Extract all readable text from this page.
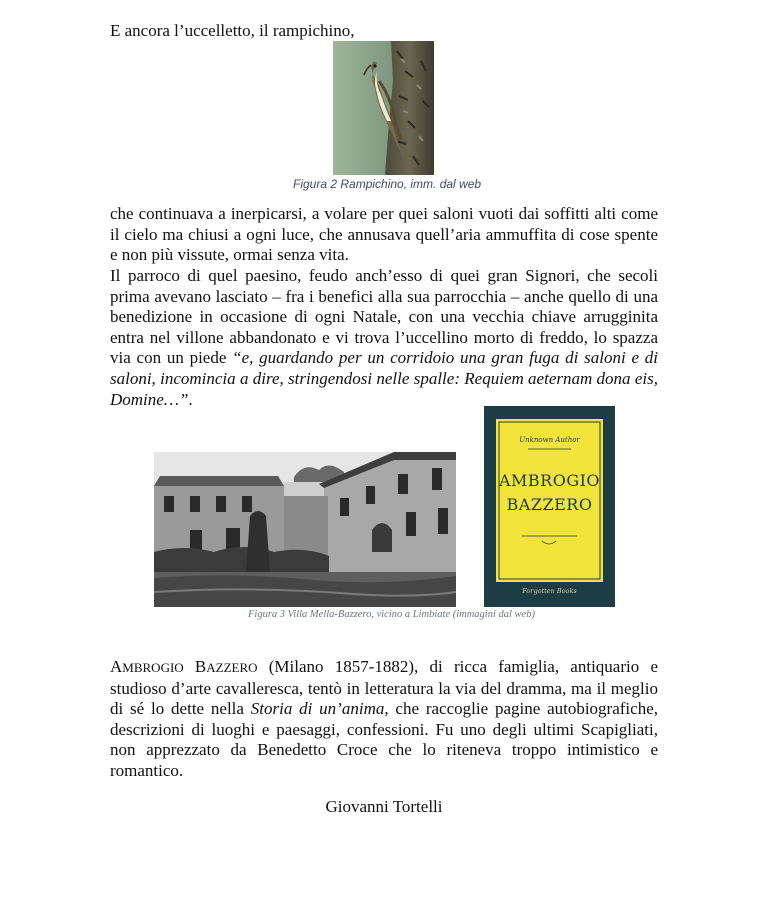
E ancora l’uccelletto, il rampichino,
Figura 2 Rampichino, imm. dal web
che continuava a inerpicarsi, a volare per quei saloni vuoti dai soffitti alti come il cielo ma chiusi a ogni luce, che annusava quell’aria ammuffita di cose spente e non più vissute, ormai senza vita.
Il parroco di quel paesino, feudo anch’esso di quei gran Signori, che secoli prima avevano lasciato – fra i benefici alla sua parrocchia – anche quello di una benedizione in occasione di ogni Natale, con una vecchia chiave arrugginita entra nel villone abbandonato e vi trova l’uccellino morto di freddo, lo spazza via con un piede “e, guardando per un corridoio una gran fuga di saloni e di saloni, incomincia a dire, stringendosi nelle spalle: Requiem aeternam dona eis, Domine…”.
Unknown Author
AMBROGIO
BAZZERO
Forgotten Books
Figura 3 Villa Mella-Bazzero, vicino a Limbiate (immagini dal web)
AMBROGIO BAZZERO (Milano 1857-1882), di ricca famiglia, antiquario e studioso d’arte cavalleresca, tentò in letteratura la via del dramma, ma il meglio di sé lo dette nella Storia di un’anima, che raccoglie pagine autobiografiche, descrizioni di luoghi e paesaggi, confessioni. Fu uno degli ultimi Scapigliati, non apprezzato da Benedetto Croce che lo riteneva troppo intimistico e romantico.
Giovanni Tortelli
